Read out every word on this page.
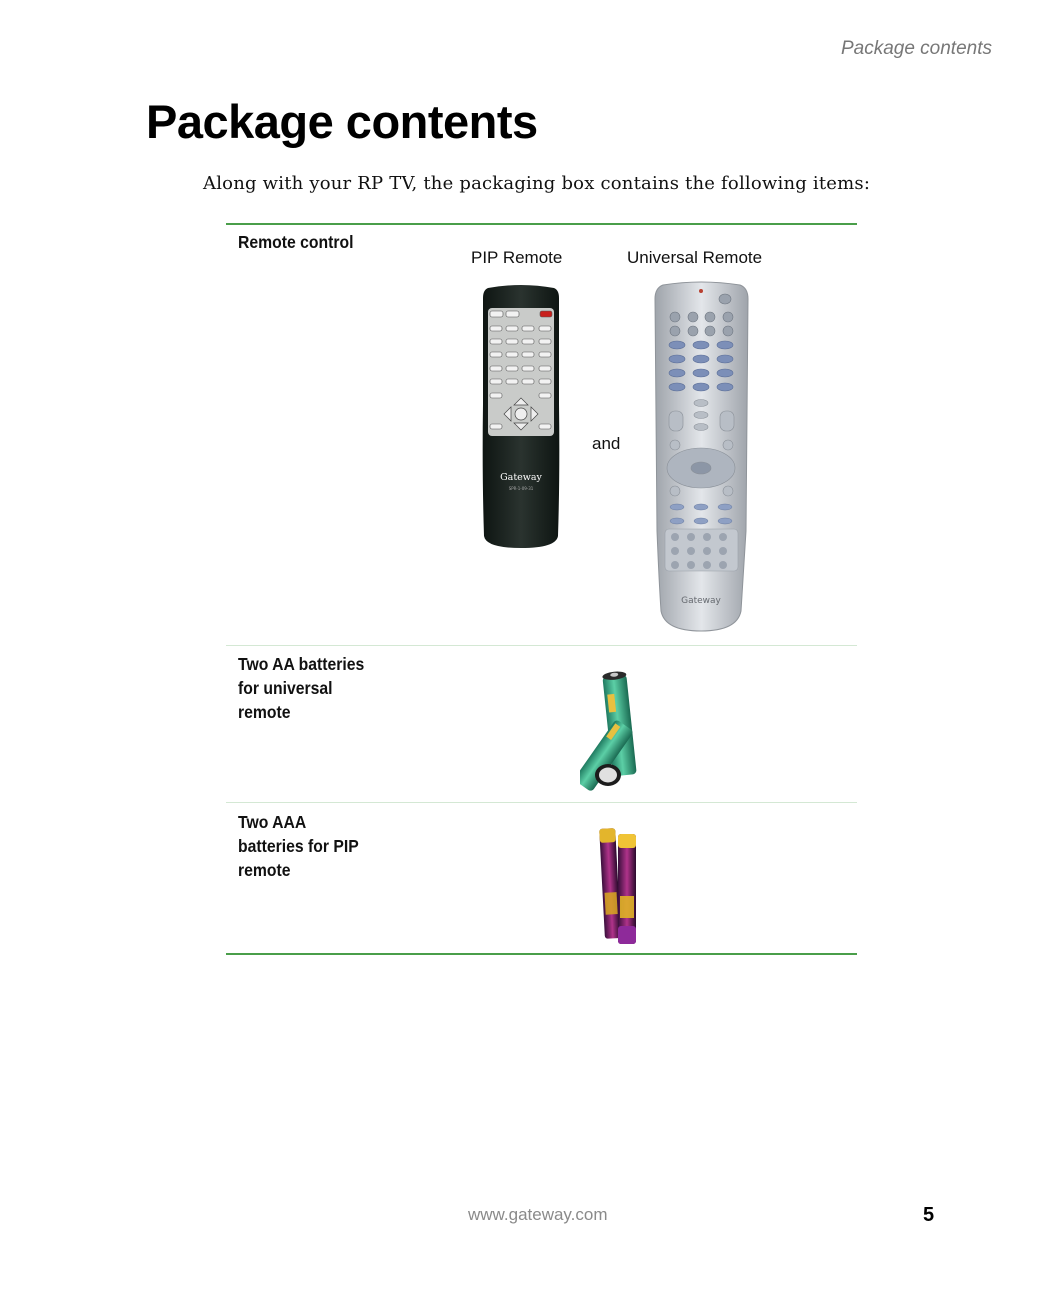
Package contents
Package contents
Along with your RP TV, the packaging box contains the following items:
Remote control
PIP Remote	Universal Remote
and
Gateway
SPR-1-09-31
Gateway
Two AA batteries for universal remote
Two AAA batteries for PIP remote
www.gateway.com	5
